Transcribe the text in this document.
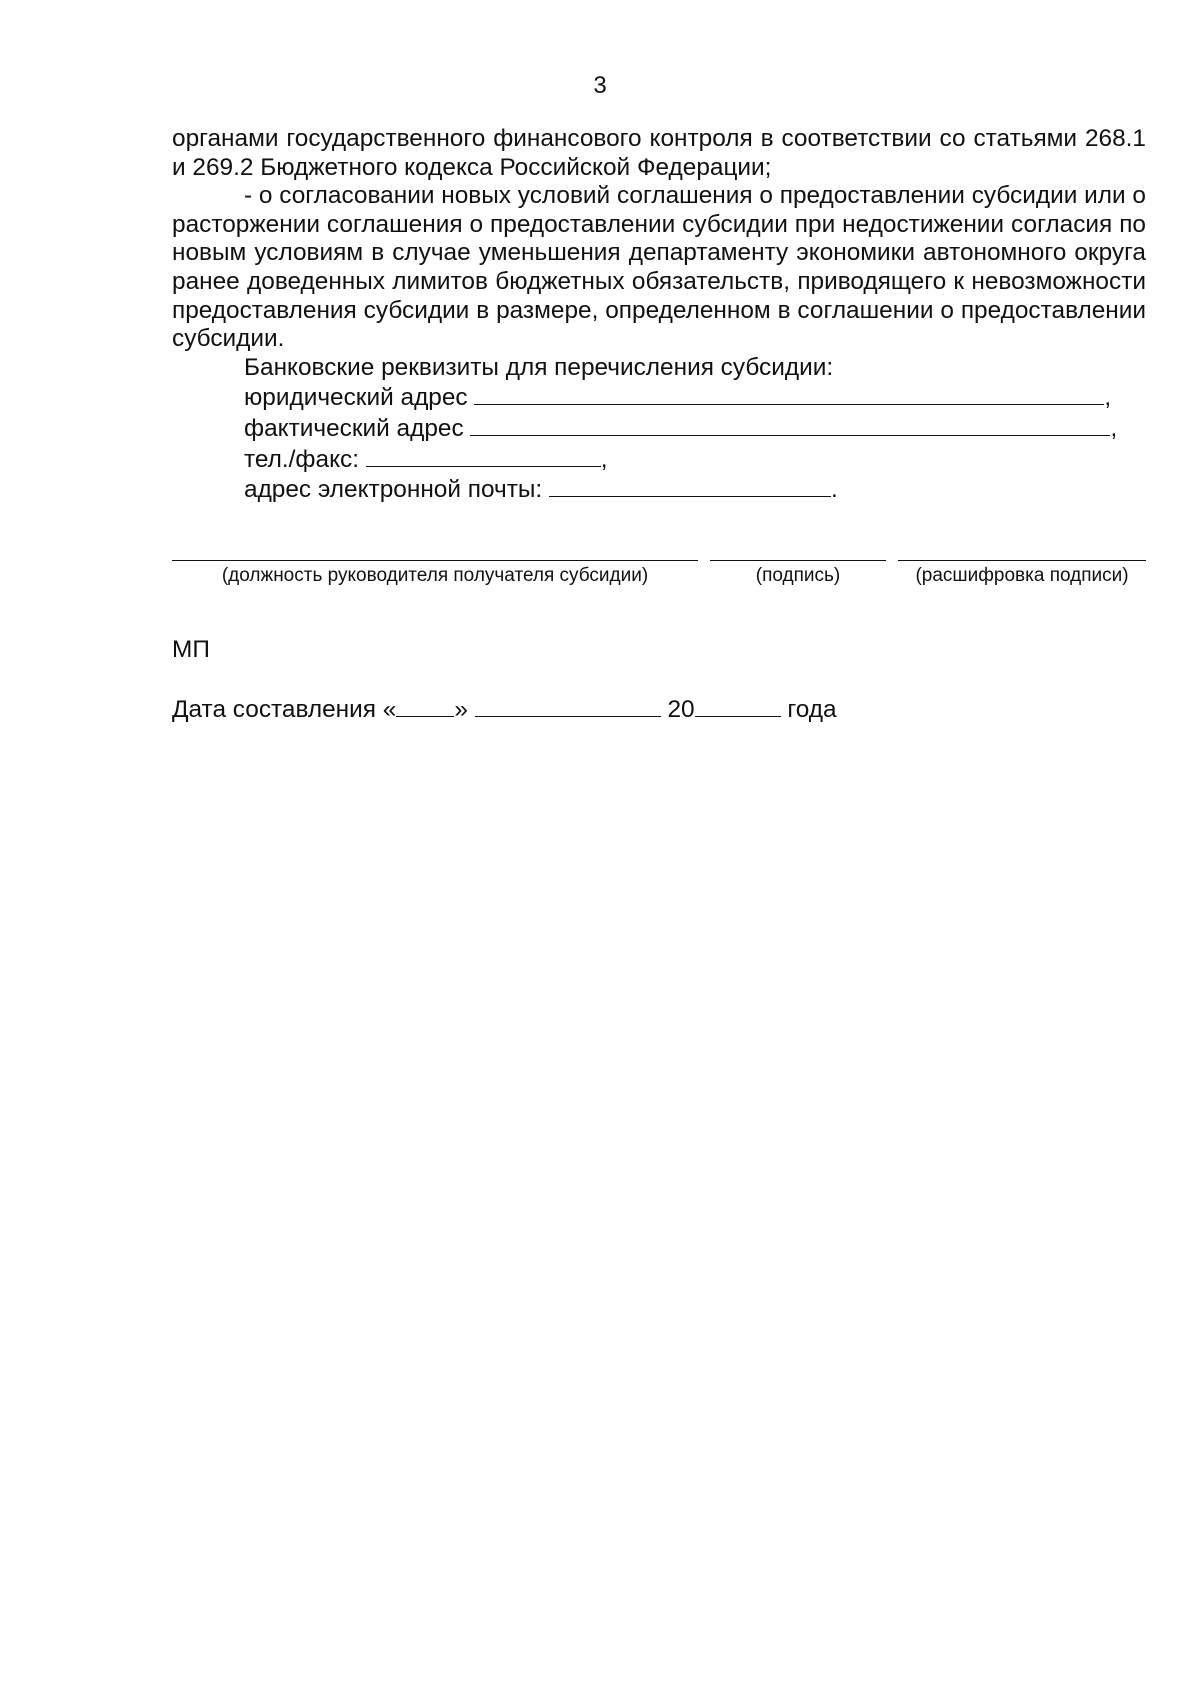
3

органами государственного финансового контроля в соответствии со статьями 268.1 и 269.2 Бюджетного кодекса Российской Федерации;

- о согласовании новых условий соглашения о предоставлении субсидии или о расторжении соглашения о предоставлении субсидии при недостижении согласия по новым условиям в случае уменьшения департаменту экономики автономного округа ранее доведенных лимитов бюджетных обязательств, приводящего к невозможности предоставления субсидии в размере, определенном в соглашении о предоставлении субсидии.

Банковские реквизиты для перечисления субсидии:

юридический адрес	,

фактический адрес	,

тел./факс:	,

адрес электронной почты:	.

(должность руководителя получателя субсидии)	(подпись)	(расшифровка подписи)
МП
Дата составления « »	20	года
